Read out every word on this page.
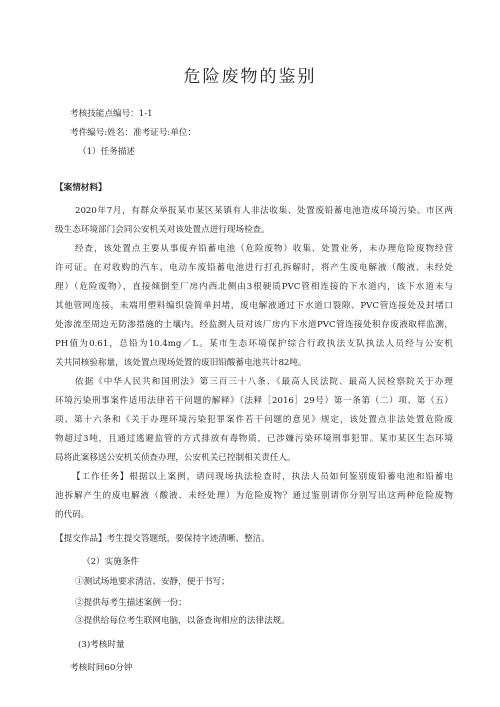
危险废物的鉴别
考核技能点编号：1-1
考件编号:姓名：准考证号:单位：
（1）任务描述
【案情材料】
2020年7月，有群众举报某市某区某镇有人非法收集、处置废铅蓄电池造成环境污染。市区两
级生态环境部门会同公安机关对该处置点进行现场检查。
经查，该处置点主要从事废弃铅蓄电池（危险废物）收集、处置业务，未办理危险废物经营
许可证。在对收购的汽车、电动车废铅蓄电池进行打孔拆解时，将产生废电解液（酸液、未经处
理）（危险废物），直接倾倒至厂房内西北侧由3根硬质PVC管相连接的下水道内，该下水道未与
其他管网连接，未端用塑料编织袋简单封堵，废电解液通过下水道口裂隙、PVC管连接处及封堵口
处渗流至周边无防渗措施的土壤内。经监测人员对该厂房内下水道PVC管连接处积存废液取样监测，
PH值为0.61，总铅为10.4mg／L。某市生态环境保护综合行政执法支队执法人员经与公安机
关共同核验称量，该处置点现场处置的废旧铅酸蓄电池共计82吨。
依据《中华人民共和国刑法》第三百三十八条、《最高人民法院、最高人民检察院关于办理
环境污染刑事案件适用法律若干问题的解释》（法释［2016］29号）第一条第（二）项、第（五）
项、第十六条和《关于办理环境污染犯罪案件若干问题的意见》规定，该处置点非法处置危险废
物超过3吨，且通过逃避监管的方式排放有毒物质，已涉嫌污染环境刑事犯罪。某市某区生态环境
局将此案移送公安机关侦查办理，公安机关已控制相关责任人。
【工作任务】根据以上案例，请问现场执法检查时，执法人员如何鉴别废铅蓄电池和铅蓄电
池拆解产生的废电解液（酸液、未经处理）为危险废物？通过鉴别请你分别写出这两种危险废物
的代码。
【提交作品】考生提交答题纸，要保持字迹清晰、整洁。
（2）实施条件
①测试场地要求清洁、安静，便于书写；
②提供每考生描述案例一份；
③提供给每位考生联网电脑，以备查询相应的法律法规。
(3)考核时量
考核时间60分钟
